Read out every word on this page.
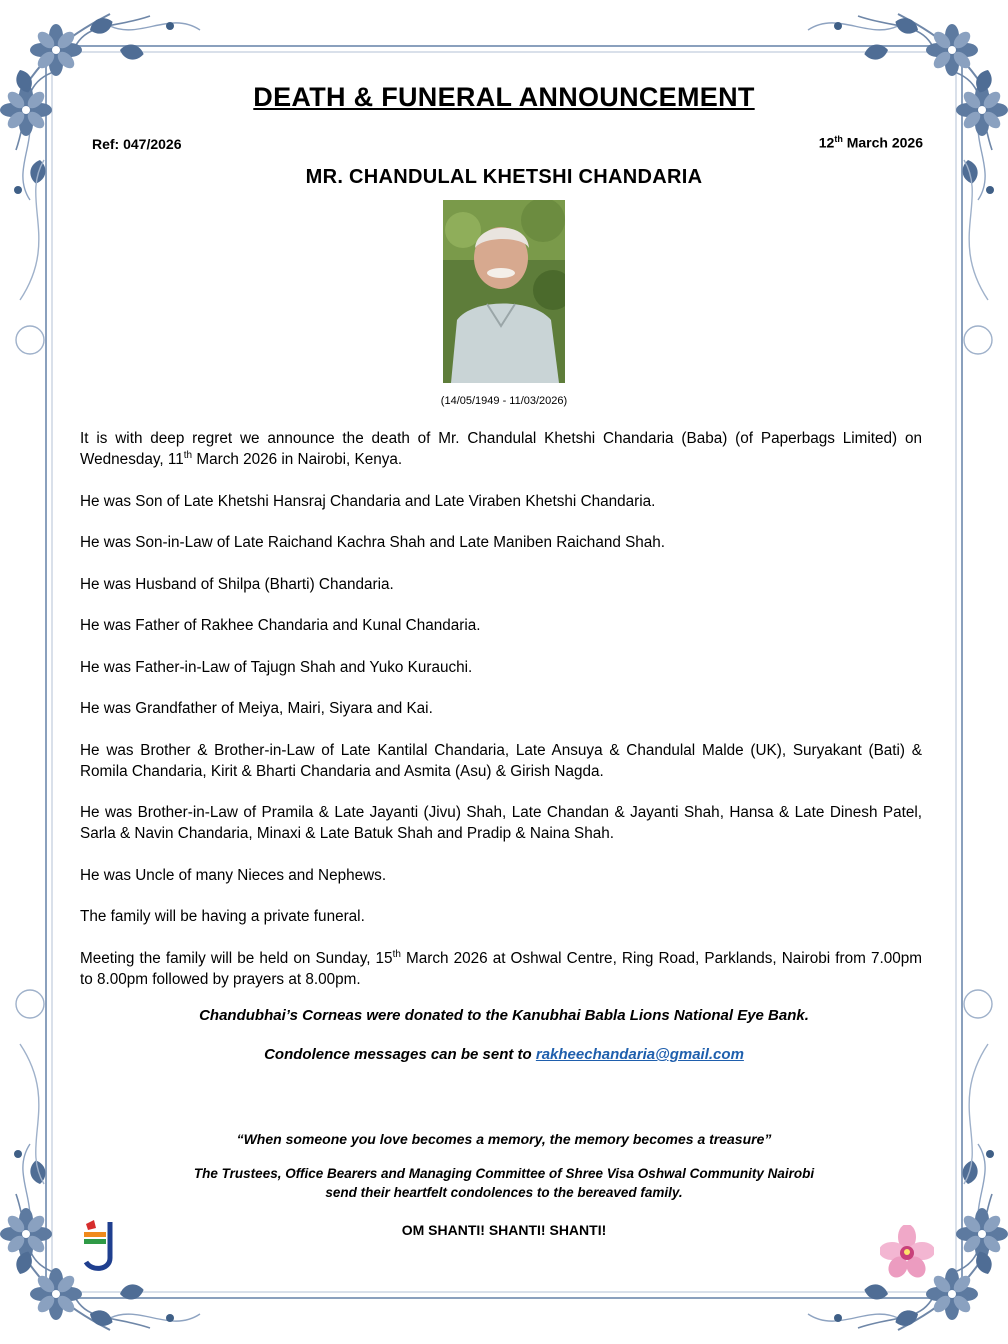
DEATH & FUNERAL ANNOUNCEMENT
Ref: 047/2026	12th March 2026
MR. CHANDULAL KHETSHI CHANDARIA
(14/05/1949 - 11/03/2026)

It is with deep regret we announce the death of Mr. Chandulal Khetshi Chandaria (Baba) (of Paperbags Limited) on Wednesday, 11th March 2026 in Nairobi, Kenya.

He was Son of Late Khetshi Hansraj Chandaria and Late Viraben Khetshi Chandaria.

He was Son-in-Law of Late Raichand Kachra Shah and Late Maniben Raichand Shah.

He was Husband of Shilpa (Bharti) Chandaria.

He was Father of Rakhee Chandaria and Kunal Chandaria.

He was Father-in-Law of Tajugn Shah and Yuko Kurauchi.

He was Grandfather of Meiya, Mairi, Siyara and Kai.

He was Brother & Brother-in-Law of Late Kantilal Chandaria, Late Ansuya & Chandulal Malde (UK), Suryakant (Bati) & Romila Chandaria, Kirit & Bharti Chandaria and Asmita (Asu) & Girish Nagda.

He was Brother-in-Law of Pramila & Late Jayanti (Jivu) Shah, Late Chandan & Jayanti Shah, Hansa & Late Dinesh Patel, Sarla & Navin Chandaria, Minaxi & Late Batuk Shah and Pradip & Naina Shah.

He was Uncle of many Nieces and Nephews.

The family will be having a private funeral.

Meeting the family will be held on Sunday, 15th March 2026 at Oshwal Centre, Ring Road, Parklands, Nairobi from 7.00pm to 8.00pm followed by prayers at 8.00pm.

Chandubhai’s Corneas were donated to the Kanubhai Babla Lions National Eye Bank.
Condolence messages can be sent to rakheechandaria@gmail.com
“When someone you love becomes a memory, the memory becomes a treasure”
The Trustees, Office Bearers and Managing Committee of Shree Visa Oshwal Community Nairobi
send their heartfelt condolences to the bereaved family.
OM SHANTI! SHANTI! SHANTI!
